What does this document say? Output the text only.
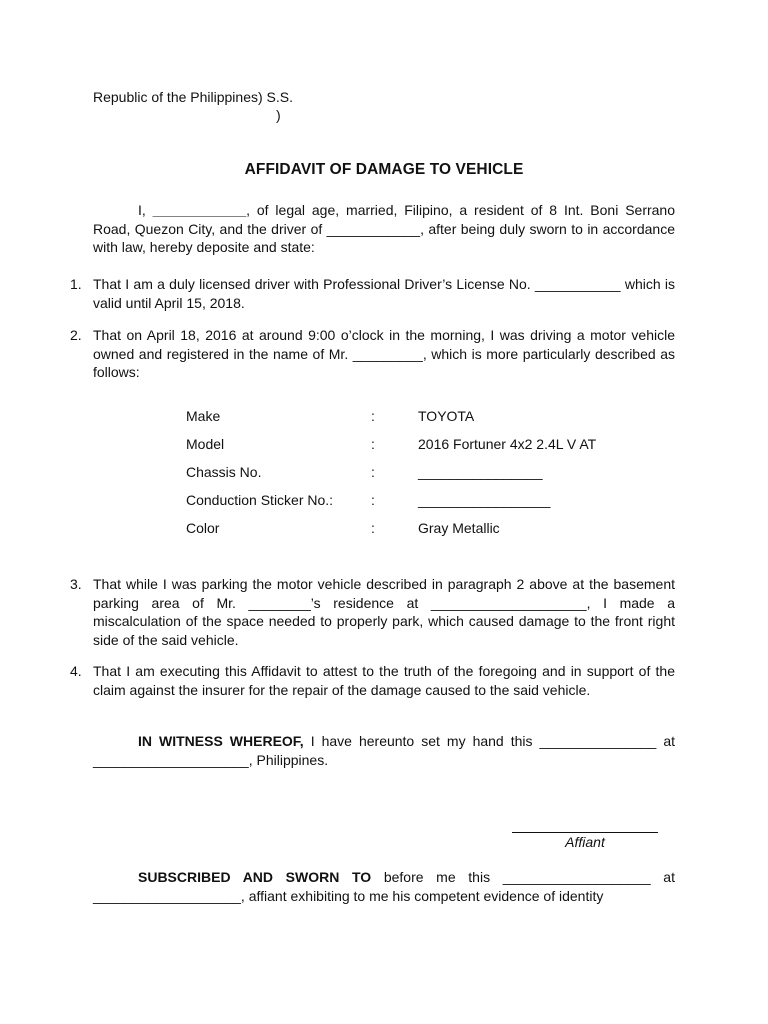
Republic of the Philippines) S.S.
)
AFFIDAVIT OF DAMAGE TO VEHICLE
I, ____________, of legal age, married, Filipino, a resident of 8 Int. Boni Serrano Road, Quezon City, and the driver of ____________, after being duly sworn to in accordance with law, hereby deposite and state:
1. That I am a duly licensed driver with Professional Driver’s License No. ___________ which is valid until April 15, 2018.
2. That on April 18, 2016 at around 9:00 o’clock in the morning, I was driving a motor vehicle owned and registered in the name of Mr. _________, which is more particularly described as follows:
Make	:	TOYOTA
Model	:	2016 Fortuner 4x2 2.4L V AT
Chassis No.	:	________________
Conduction Sticker No.:	:	_________________
Color	:	Gray Metallic
3. That while I was parking the motor vehicle described in paragraph 2 above at the basement parking area of Mr. ________’s residence at ____________________, I made a miscalculation of the space needed to properly park, which caused damage to the front right side of the said vehicle.
4. That I am executing this Affidavit to attest to the truth of the foregoing and in support of the claim against the insurer for the repair of the damage caused to the said vehicle.
IN WITNESS WHEREOF, I have hereunto set my hand this _______________ at ____________________, Philippines.
Affiant
SUBSCRIBED AND SWORN TO before me this ___________________ at ___________________, affiant exhibiting to me his competent evidence of identity
